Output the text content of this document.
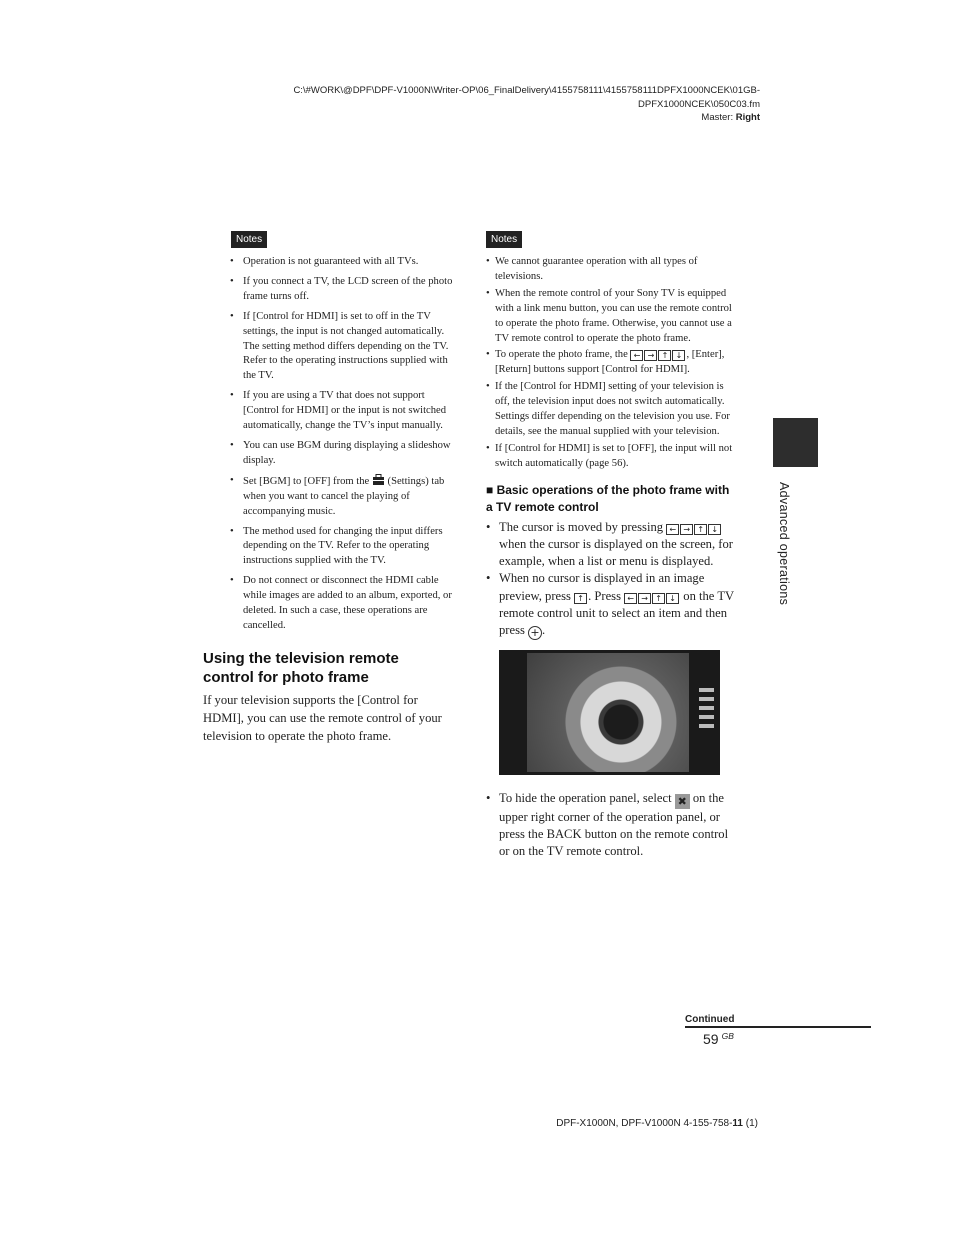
C:\#WORK\@DPF\DPF-V1000N\Writer-OP\06_FinalDelivery\4155758111\4155758111DPFX1000NCEK\01GB-
DPFX1000NCEK\050C03.fm
Master: Right
Notes
• Operation is not guaranteed with all TVs.
• If you connect a TV, the LCD screen of the photo frame turns off.
• If [Control for HDMI] is set to off in the TV settings, the input is not changed automatically. The setting method differs depending on the TV. Refer to the operating instructions supplied with the TV.
• If you are using a TV that does not support [Control for HDMI] or the input is not switched automatically, change the TV’s input manually.
• You can use BGM during displaying a slideshow display.
• Set [BGM] to [OFF] from the  (Settings) tab when you want to cancel the playing of accompanying music.
• The method used for changing the input differs depending on the TV. Refer to the operating instructions supplied with the TV.
• Do not connect or disconnect the HDMI cable while images are added to an album, exported, or deleted. In such a case, these operations are cancelled.
Using the television remote control for photo frame

If your television supports the [Control for HDMI], you can use the remote control of your television to operate the photo frame.

Notes
• We cannot guarantee operation with all types of televisions.
• When the remote control of your Sony TV is equipped with a link menu button, you can use the remote control to operate the photo frame. Otherwise, you cannot use a TV remote control to operate the photo frame.
• To operate the photo frame, the ← → ↑ ↓ , [Enter], [Return] buttons support [Control for HDMI].
• If the [Control for HDMI] setting of your television is off, the television input does not switch automatically. Settings differ depending on the television you use. For details, see the manual supplied with your television.
• If [Control for HDMI] is set to [OFF], the input will not switch automatically (page 56).
■ Basic operations of the photo frame with a TV remote control
• The cursor is moved by pressing ← → ↑ ↓ when the cursor is displayed on the screen, for example, when a list or menu is displayed.
• When no cursor is displayed in an image preview, press ↑ . Press ← → ↑ ↓ on the TV remote control unit to select an item and then press + .
• To hide the operation panel, select ✖ on the upper right corner of the operation panel, or press the BACK button on the remote control or on the TV remote control.
Advanced operations
Continued
59 $^{GB}$
DPF-X1000N, DPF-V1000N 4-155-758-11 (1)
